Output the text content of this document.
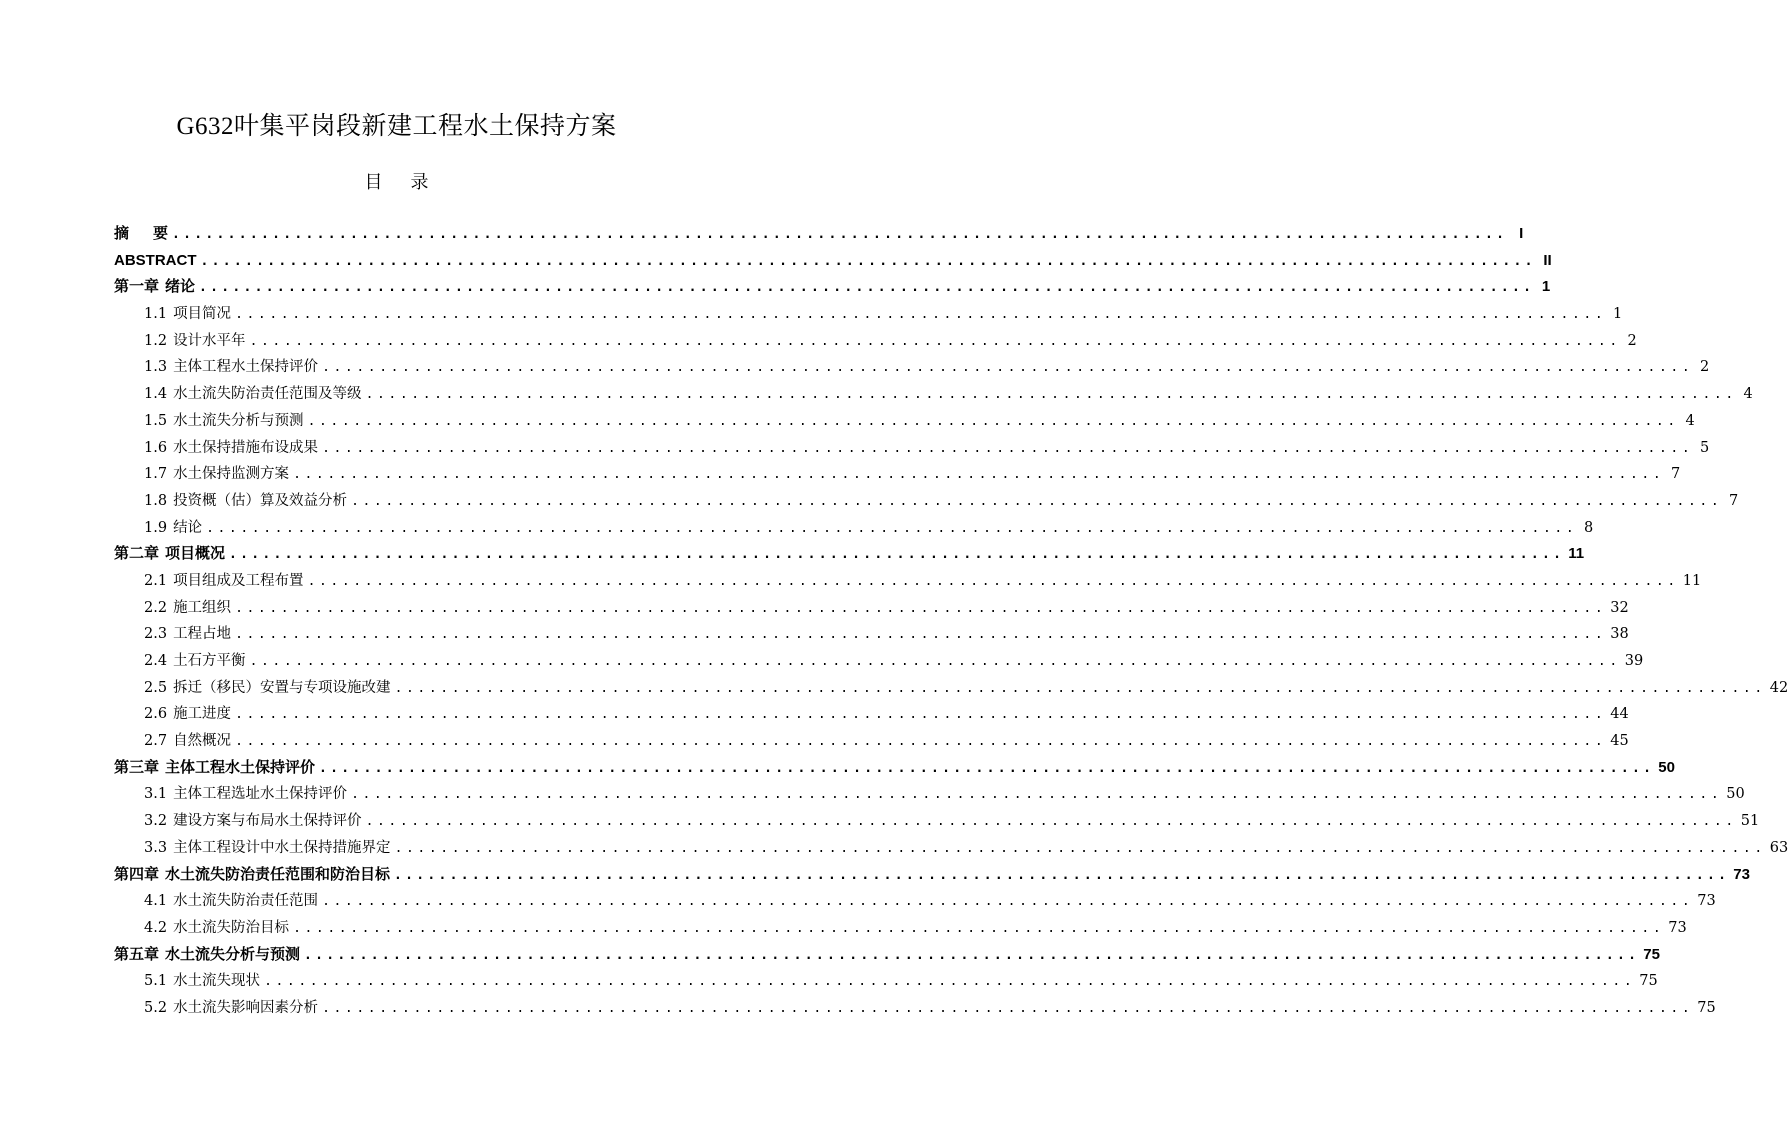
G632叶集平岗段新建工程水土保持方案
目 录
摘 要 ........................................................................................................................ I
ABSTRACT ........................................................................................................................ II
第一章 绪论 ........................................................................................................................ 1
1.1 项目简况 ........................................................................................................................ 1
1.2 设计水平年 ........................................................................................................................ 2
1.3 主体工程水土保持评价 ........................................................................................................................ 2
1.4 水土流失防治责任范围及等级 ........................................................................................................................ 4
1.5 水土流失分析与预测 ........................................................................................................................ 4
1.6 水土保持措施布设成果 ........................................................................................................................ 5
1.7 水土保持监测方案 ........................................................................................................................ 7
1.8 投资概（估）算及效益分析 ........................................................................................................................ 7
1.9 结论 ........................................................................................................................ 8
第二章 项目概况 ........................................................................................................................ 11
2.1 项目组成及工程布置 ........................................................................................................................ 11
2.2 施工组织 ........................................................................................................................ 32
2.3 工程占地 ........................................................................................................................ 38
2.4 土石方平衡 ........................................................................................................................ 39
2.5 拆迁（移民）安置与专项设施改建 ........................................................................................................................ 42
2.6 施工进度 ........................................................................................................................ 44
2.7 自然概况 ........................................................................................................................ 45
第三章 主体工程水土保持评价 ........................................................................................................................ 50
3.1 主体工程选址水土保持评价 ........................................................................................................................ 50
3.2 建设方案与布局水土保持评价 ........................................................................................................................ 51
3.3 主体工程设计中水土保持措施界定 ........................................................................................................................ 63
第四章 水土流失防治责任范围和防治目标 ........................................................................................................................ 73
4.1 水土流失防治责任范围 ........................................................................................................................ 73
4.2 水土流失防治目标 ........................................................................................................................ 73
第五章 水土流失分析与预测 ........................................................................................................................ 75
5.1 水土流失现状 ........................................................................................................................ 75
5.2 水土流失影响因素分析 ........................................................................................................................ 75
